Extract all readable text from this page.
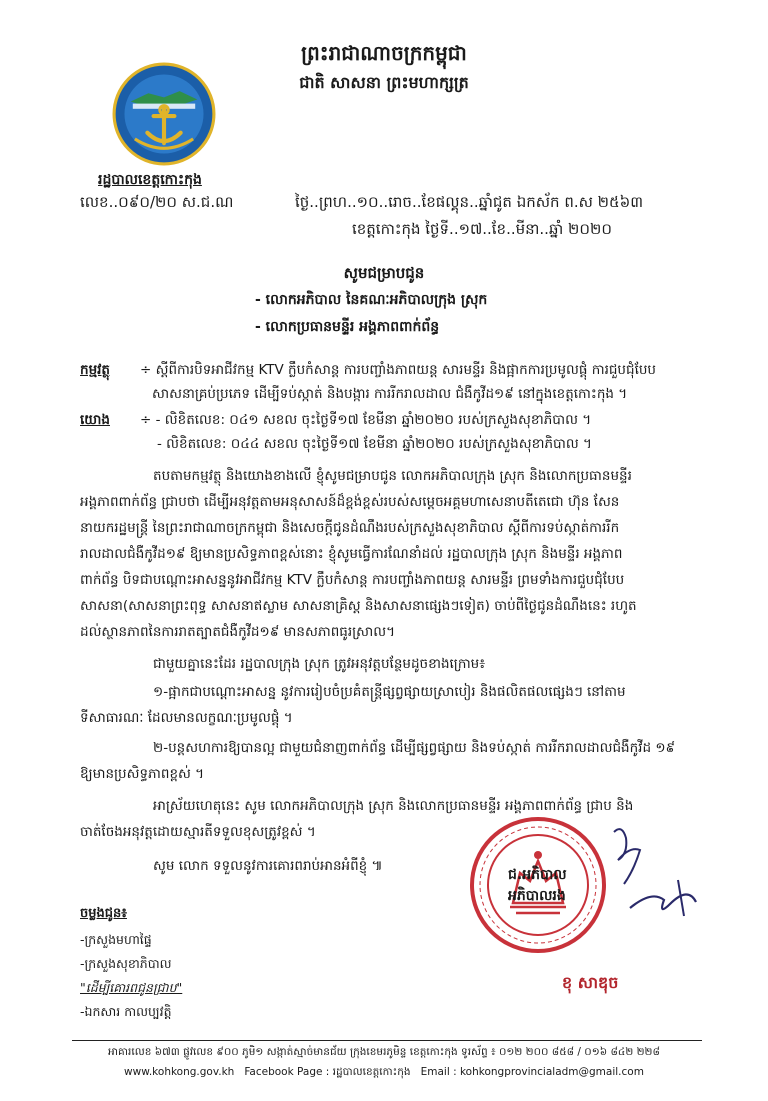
ព្រះរាជាណាចក្រកម្ពុជា
ជាតិ សាសនា ព្រះមហាក្សត្រ
រដ្ឋបាលខេត្តកោះកុង
លេខ..០៩០/២០ ស.ជ.ណ	ថ្ងៃ..ព្រហ..១០..រោច..ខែផល្គុន..ឆ្នាំជូត ឯកស័ក ព.ស ២៥៦៣
ខេត្តកោះកុង ថ្ងៃទី..១៧..ខែ..មីនា..ឆ្នាំ ២០២០
សូមជម្រាបជូន
- លោកអភិបាល នៃគណៈអភិបាលក្រុង ស្រុក
- លោកប្រធានមន្ទីរ អង្គភាពពាក់ព័ន្ធ
កម្មវត្ថុ ÷ ស្តីពីការបិទអាជីវកម្ម KTV ក្លឹបកំសាន្ត ការបញ្ចាំងភាពយន្ត សារមន្ទីរ និងផ្អាកការប្រមូលផ្តុំ ការជួបជុំបែប
សាសនាគ្រប់ប្រភេទ ដើម្បីទប់ស្កាត់ និងបង្ការ ការរីករាលដាល ជំងឺកូវីដ១៩ នៅក្នុងខេត្តកោះកុង ។
យោង ÷ - លិខិតលេខ: ០៤១ សខល ចុះថ្ងៃទី១៧ ខែមីនា ឆ្នាំ២០២០ របស់ក្រសួងសុខាភិបាល ។
- លិខិតលេខ: ០៤៤ សខល ចុះថ្ងៃទី១៧ ខែមីនា ឆ្នាំ២០២០ របស់ក្រសួងសុខាភិបាល ។
តបតាមកម្មវត្ថុ និងយោងខាងលើ ខ្ញុំសូមជម្រាបជូន លោកអភិបាលក្រុង ស្រុក និងលោកប្រធានមន្ទីរ
អង្គភាពពាក់ព័ន្ធ ជ្រាបថា ដើម្បីអនុវត្តតាមអនុសាសន៍ដ៏ខ្ពង់ខ្ពស់របស់សម្តេចអគ្គមហាសេនាបតីតេជោ ហ៊ុន សែន
នាយករដ្ឋមន្ត្រី នៃព្រះរាជាណាចក្រកម្ពុជា និងសេចក្តីជូនដំណឹងរបស់ក្រសួងសុខាភិបាល ស្តីពីការទប់ស្កាត់ការរីក
រាលដាលជំងឺកូវីដ១៩ ឱ្យមានប្រសិទ្ធភាពខ្ពស់នោះ ខ្ញុំសូមធ្វើការណែនាំដល់ រដ្ឋបាលក្រុង ស្រុក និងមន្ទីរ អង្គភាព
ពាក់ព័ន្ធ បិទជាបណ្តោះអាសន្ននូវអាជីវកម្ម KTV ក្លឹបកំសាន្ត ការបញ្ចាំងភាពយន្ត សារមន្ទីរ ព្រមទាំងការជួបជុំបែប
សាសនា(សាសនាព្រះពុទ្ធ សាសនាឥស្លាម សាសនាគ្រិស្ត និងសាសនាផ្សេងៗទៀត) ចាប់ពីថ្ងៃជូនដំណឹងនេះ រហូត
ដល់ស្ថានភាពនៃការរាតត្បាតជំងឺកូវីដ១៩ មានសភាពធូរស្រាល។
ជាមួយគ្នានេះដែរ រដ្ឋបាលក្រុង ស្រុក ត្រូវអនុវត្តបន្ថែមដូចខាងក្រោម៖
១-ផ្អាកជាបណ្តោះអាសន្ន នូវការរៀបចំប្រគំតន្ត្រីផ្សព្វផ្សាយស្រាបៀរ និងផលិតផលផ្សេងៗ នៅតាម
ទីសាធារណៈ ដែលមានលក្ខណៈប្រមូលផ្តុំ ។
២-បន្តសហការឱ្យបានល្អ ជាមួយជំនាញពាក់ព័ន្ធ ដើម្បីផ្សព្វផ្សាយ និងទប់ស្កាត់ ការរីករាលដាលជំងឺកូវីដ ១៩
ឱ្យមានប្រសិទ្ធភាពខ្ពស់ ។
អាស្រ័យហេតុនេះ សូម លោកអភិបាលក្រុង ស្រុក និងលោកប្រធានមន្ទីរ អង្គភាពពាក់ព័ន្ធ ជ្រាប និង
ចាត់ចែងអនុវត្តដោយស្មារតីទទួលខុសត្រូវខ្ពស់ ។
សូម លោក ទទួលនូវការគោរពរាប់អានអំពីខ្ញុំ ៕
ជ.អភិបាល
អភិបាលរង
ខុ សាឌុច
ចម្លងជូន៖
-ក្រសួងមហាផ្ទៃ
-ក្រសួងសុខាភិបាល
"ដើម្បីគោរពជូនជ្រាប"
-ឯកសារ កាលប្បវត្តិ
អាគារលេខ ៦៧៣ ផ្លូវលេខ ៩០០ ភូមិ១ សង្កាត់ស្មាច់មានជ័យ ក្រុងខេមរភូមិន្ទ ខេត្តកោះកុង ទូរស័ព្ទ ៖ ០១២ ២០០ ៨៥៨ / ០១៦ ៨៤២ ២២៨
www.kohkong.gov.kh Facebook Page : រដ្ឋបាលខេត្តកោះកុង Email : kohkongprovincialadm@gmail.com
